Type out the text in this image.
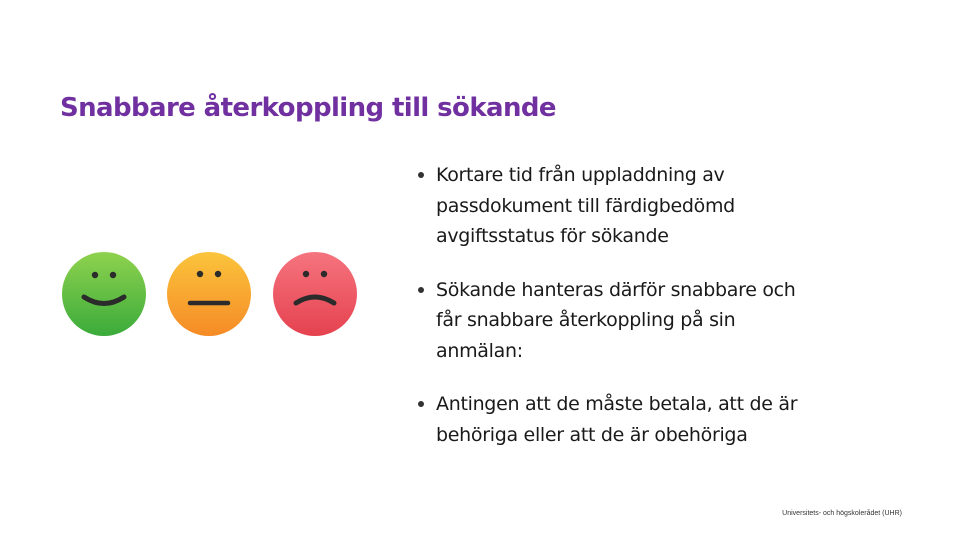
Snabbare återkoppling till sökande
Kortare tid från uppladdning av
passdokument till färdigbedömd
avgiftsstatus för sökande
Sökande hanteras därför snabbare och
får snabbare återkoppling på sin
anmälan:
Antingen att de måste betala, att de är
behöriga eller att de är obehöriga
Universitets- och högskolerådet (UHR)
